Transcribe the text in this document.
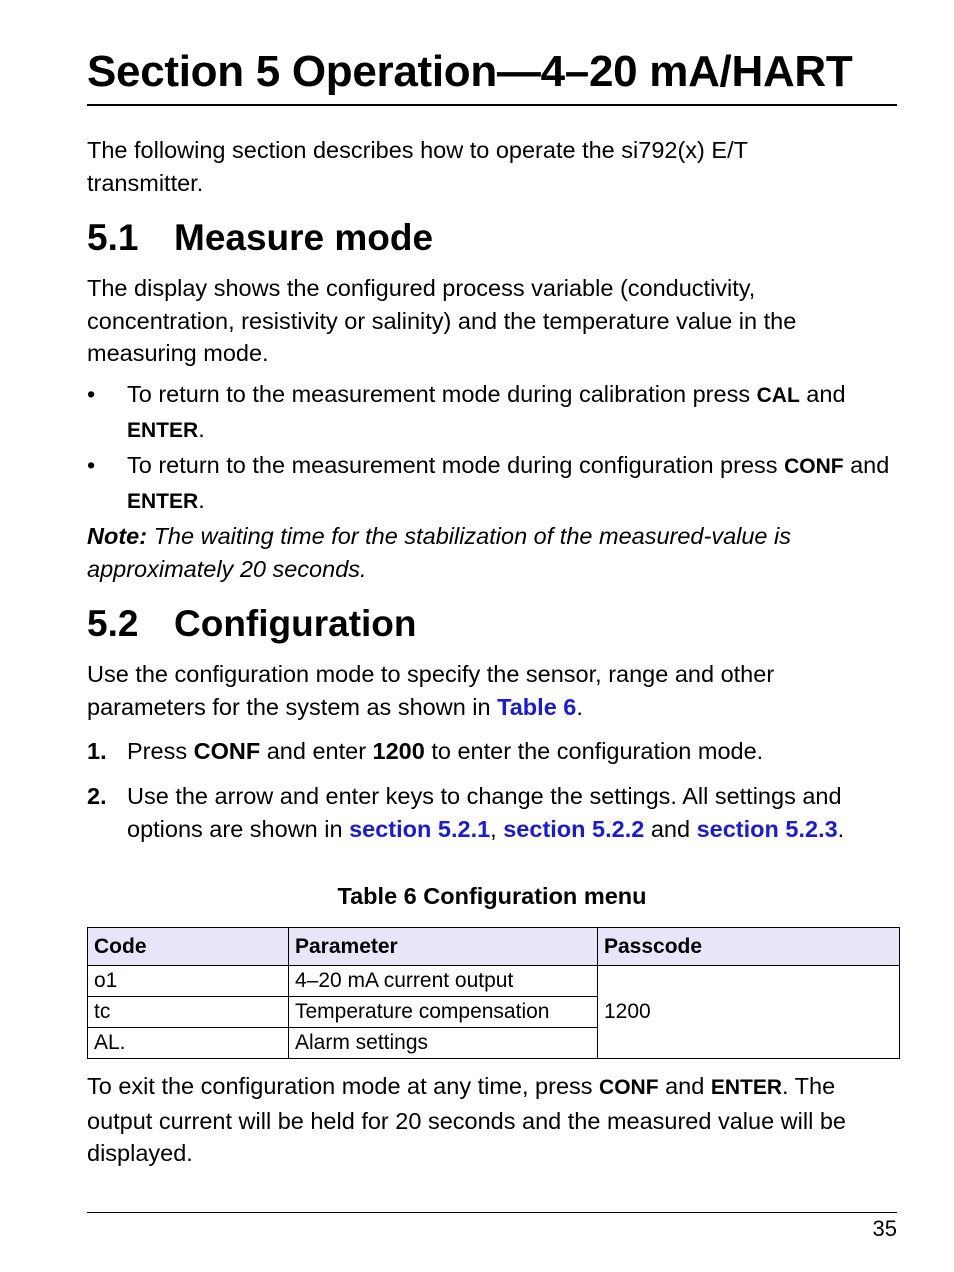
Section 5 Operation—4–20 mA/HART

The following section describes how to operate the si792(x) E/T transmitter.

5.1 Measure mode

The display shows the configured process variable (conductivity, concentration, resistivity or salinity) and the temperature value in the measuring mode.

• To return to the measurement mode during calibration press CAL and ENTER.
• To return to the measurement mode during configuration press CONF and ENTER.

Note: The waiting time for the stabilization of the measured-value is approximately 20 seconds.

5.2 Configuration

Use the configuration mode to specify the sensor, range and other parameters for the system as shown in Table 6.

1. Press CONF and enter 1200 to enter the configuration mode.
2. Use the arrow and enter keys to change the settings. All settings and options are shown in section 5.2.1, section 5.2.2 and section 5.2.3.
Table 6 Configuration menu
Code	Parameter	Passcode
o1	4–20 mA current output	1200
tc	Temperature compensation	
AL.	Alarm settings	

To exit the configuration mode at any time, press CONF and ENTER. The output current will be held for 20 seconds and the measured value will be displayed.

35
